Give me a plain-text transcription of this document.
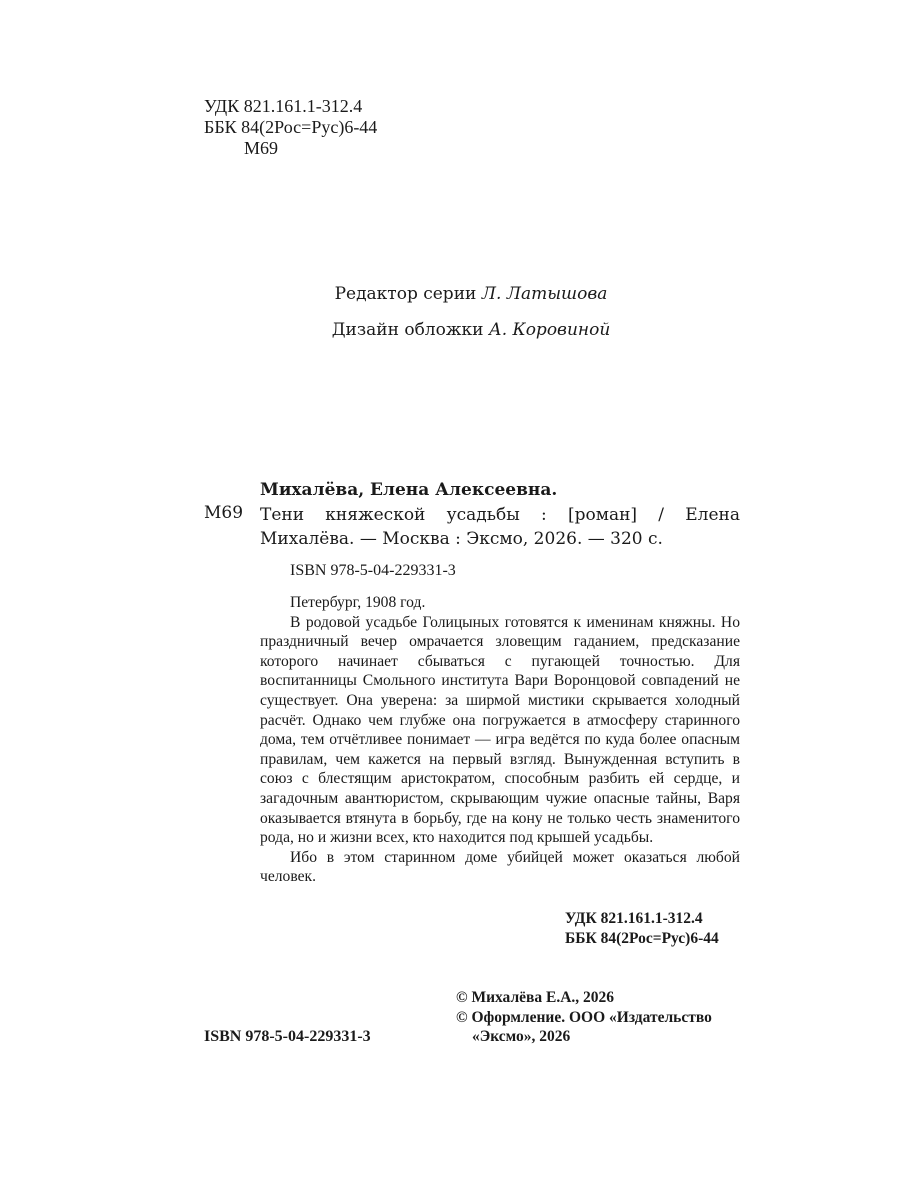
УДК 821.161.1-312.4
ББК 84(2Рос=Рус)6-44
М69
Редактор серии Л. Латышова
Дизайн обложки А. Коровиной
Михалёва, Елена Алексеевна.
М69 Тени княжеской усадьбы : [роман] / Елена Михалёва. — Москва : Эксмо, 2026. — 320 с.
ISBN 978-5-04-229331-3

Петербург, 1908 год.

В родовой усадьбе Голицыных готовятся к именинам княжны. Но праздничный вечер омрачается зловещим гаданием, предсказание которого начинает сбываться с пугающей точностью. Для воспитанницы Смольного института Вари Воронцовой совпадений не существует. Она уверена: за ширмой мистики скрывается холодный расчёт. Однако чем глубже она погружается в атмосферу старинного дома, тем отчётливее понимает — игра ведётся по куда более опасным правилам, чем кажется на первый взгляд. Вынужденная вступить в союз с блестящим аристократом, способным разбить ей сердце, и загадочным авантюристом, скрывающим чужие опасные тайны, Варя оказывается втянута в борьбу, где на кону не только честь знаменитого рода, но и жизни всех, кто находится под крышей усадьбы.

Ибо в этом старинном доме убийцей может оказаться любой человек.

УДК 821.161.1-312.4
ББК 84(2Рос=Рус)6-44
© Михалёва Е.А., 2026
© Оформление. ООО «Издательство
«Эксмо», 2026
ISBN 978-5-04-229331-3
